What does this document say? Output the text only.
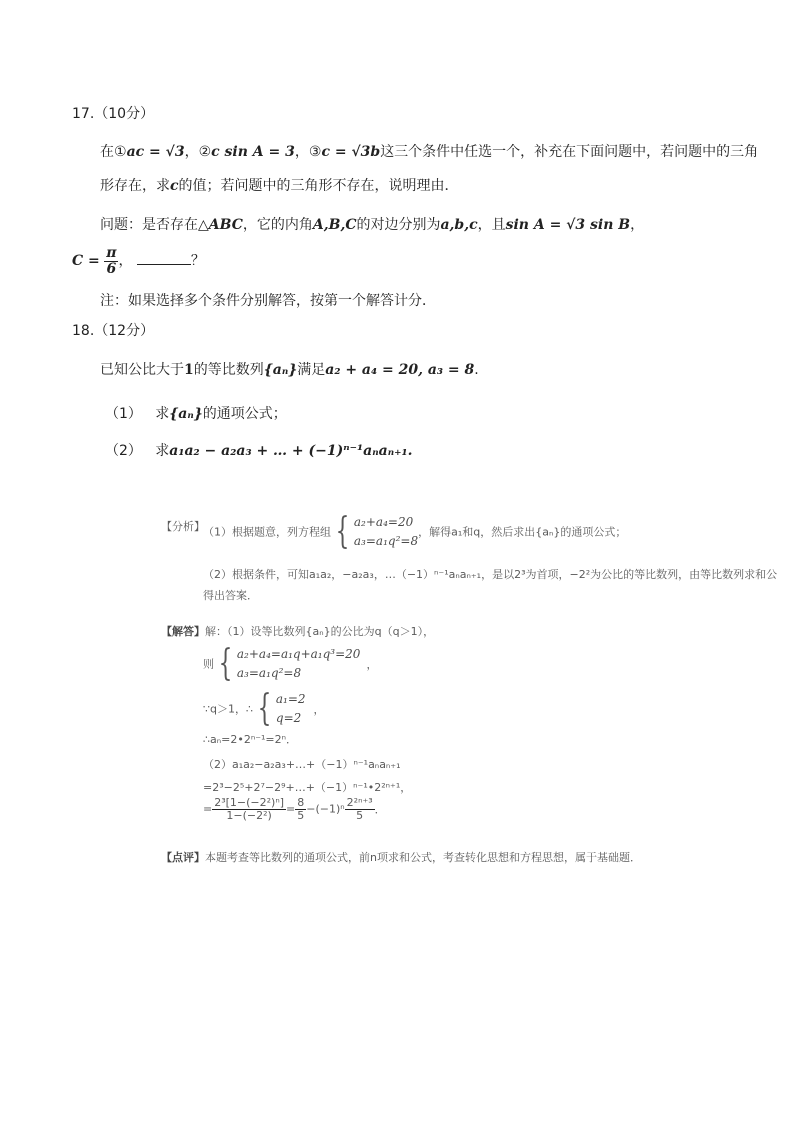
17.（10分）
在①ac = √3，②c sin A = 3，③c = √3b这三个条件中任选一个，补充在下面问题中，若问题中的三角
形存在，求c的值；若问题中的三角形不存在，说明理由．
问题：是否存在△ABC，它的内角A,B,C的对边分别为a,b,c，且sin A = √3 sin B，
$C = \frac{\pi}{6}$ ，	？
注：如果选择多个条件分别解答，按第一个解答计分．
18.（12分）
已知公比大于1的等比数列{aₙ}满足a₂ + a₄ = 20, a₃ = 8.
（1） 求{aₙ}的通项公式；
（2） 求a₁a₂ − a₂a₃ + … + (−1)ⁿ⁻¹aₙaₙ₊₁.
【分析】
（1）根据题意，列方程组 { a₂+a₄=20
a₃=a₁q²=8
，解得a₁和q，然后求出{aₙ}的通项公式；
（2）根据条件，可知a₁a₂，−a₂a₃，…（−1）ⁿ⁻¹aₙaₙ₊₁，是以2³为首项，−2²为公比的等比数列，由等比数列求和公
得出答案．
【解答】解：（1）设等比数列{aₙ}的公比为q（q＞1），
则 { a₂+a₄=a₁q+a₁q³=20
a₃=a₁q²=8
，
∵q＞1，∴ { a₁=2
q=2
，
∴aₙ=2•2ⁿ⁻¹=2ⁿ．
（2）a₁a₂−a₂a₃+…+（−1）ⁿ⁻¹aₙaₙ₊₁
=2³−2⁵+2⁷−2⁹+…+（−1）ⁿ⁻¹•2²ⁿ⁺¹，
= $\frac{\text{2³[1−(−2²)ⁿ]}}{\text{1−(−2²)}} = \frac{8}{5} -(-1)^n \frac{\text{2²ⁿ⁺³}}{5}$ ．
【点评】本题考查等比数列的通项公式，前n项求和公式，考查转化思想和方程思想，属于基础题．
